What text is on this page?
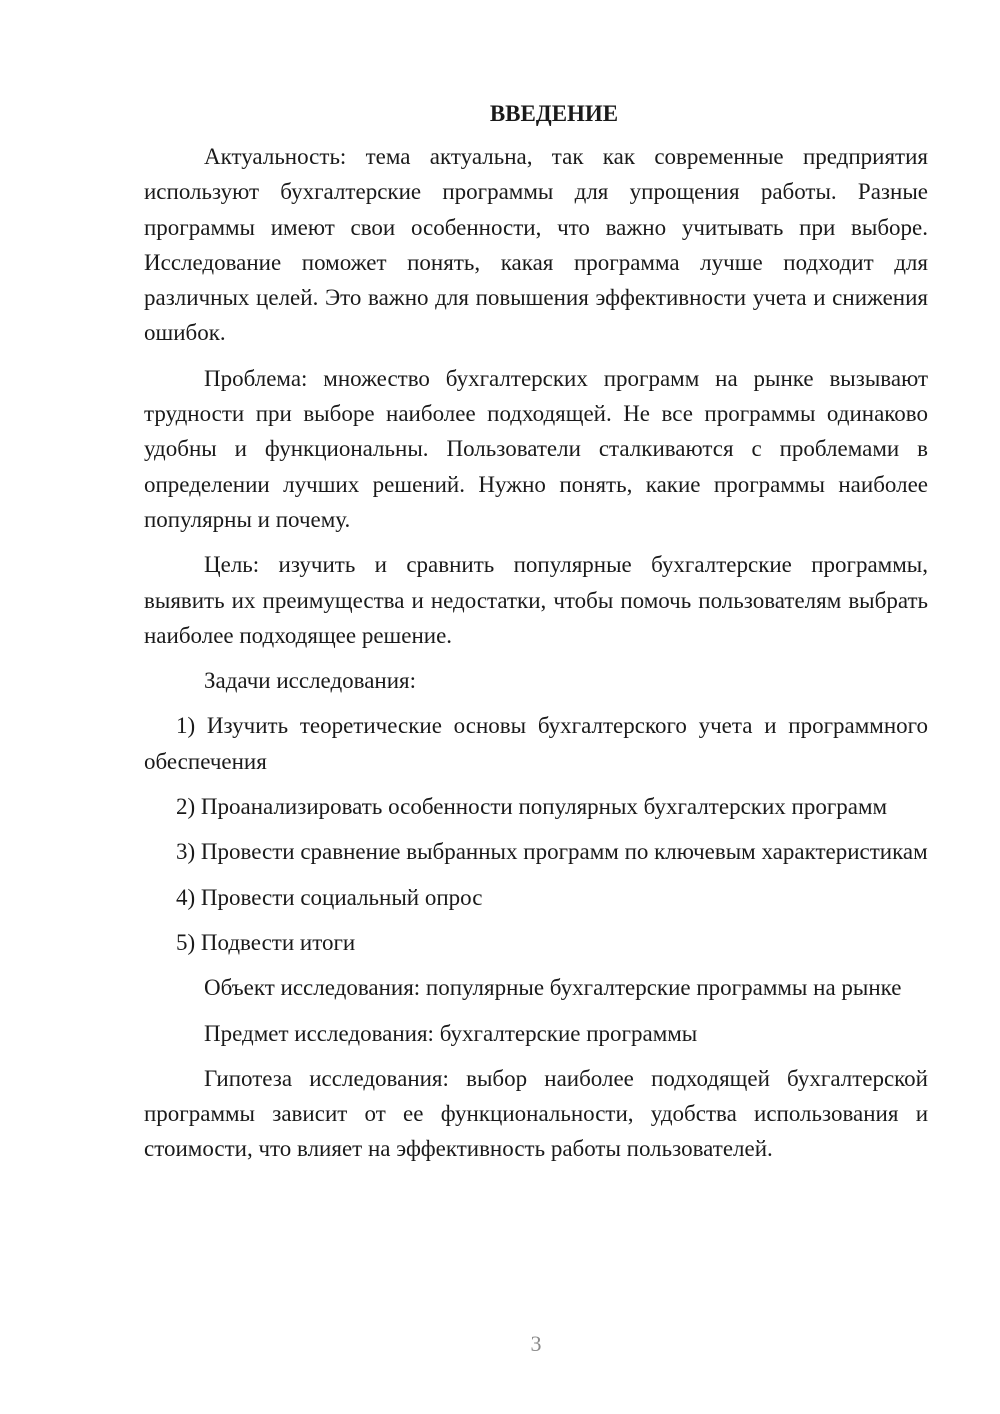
ВВЕДЕНИЕ

Актуальность: тема актуальна, так как современные предприятия используют бухгалтерские программы для упрощения работы. Разные программы имеют свои особенности, что важно учитывать при выборе. Исследование поможет понять, какая программа лучше подходит для различных целей. Это важно для повышения эффективности учета и снижения ошибок.

Проблема: множество бухгалтерских программ на рынке вызывают трудности при выборе наиболее подходящей. Не все программы одинаково удобны и функциональны. Пользователи сталкиваются с проблемами в определении лучших решений. Нужно понять, какие программы наиболее популярны и почему.

Цель: изучить и сравнить популярные бухгалтерские программы, выявить их преимущества и недостатки, чтобы помочь пользователям выбрать наиболее подходящее решение.

Задачи исследования:

1) Изучить теоретические основы бухгалтерского учета и программного обеспечения

2) Проанализировать особенности популярных бухгалтерских программ

3) Провести сравнение выбранных программ по ключевым характеристикам

4) Провести социальный опрос

5) Подвести итоги

Объект исследования: популярные бухгалтерские программы на рынке

Предмет исследования: бухгалтерские программы

Гипотеза исследования: выбор наиболее подходящей бухгалтерской программы зависит от ее функциональности, удобства использования и стоимости, что влияет на эффективность работы пользователей.

3
